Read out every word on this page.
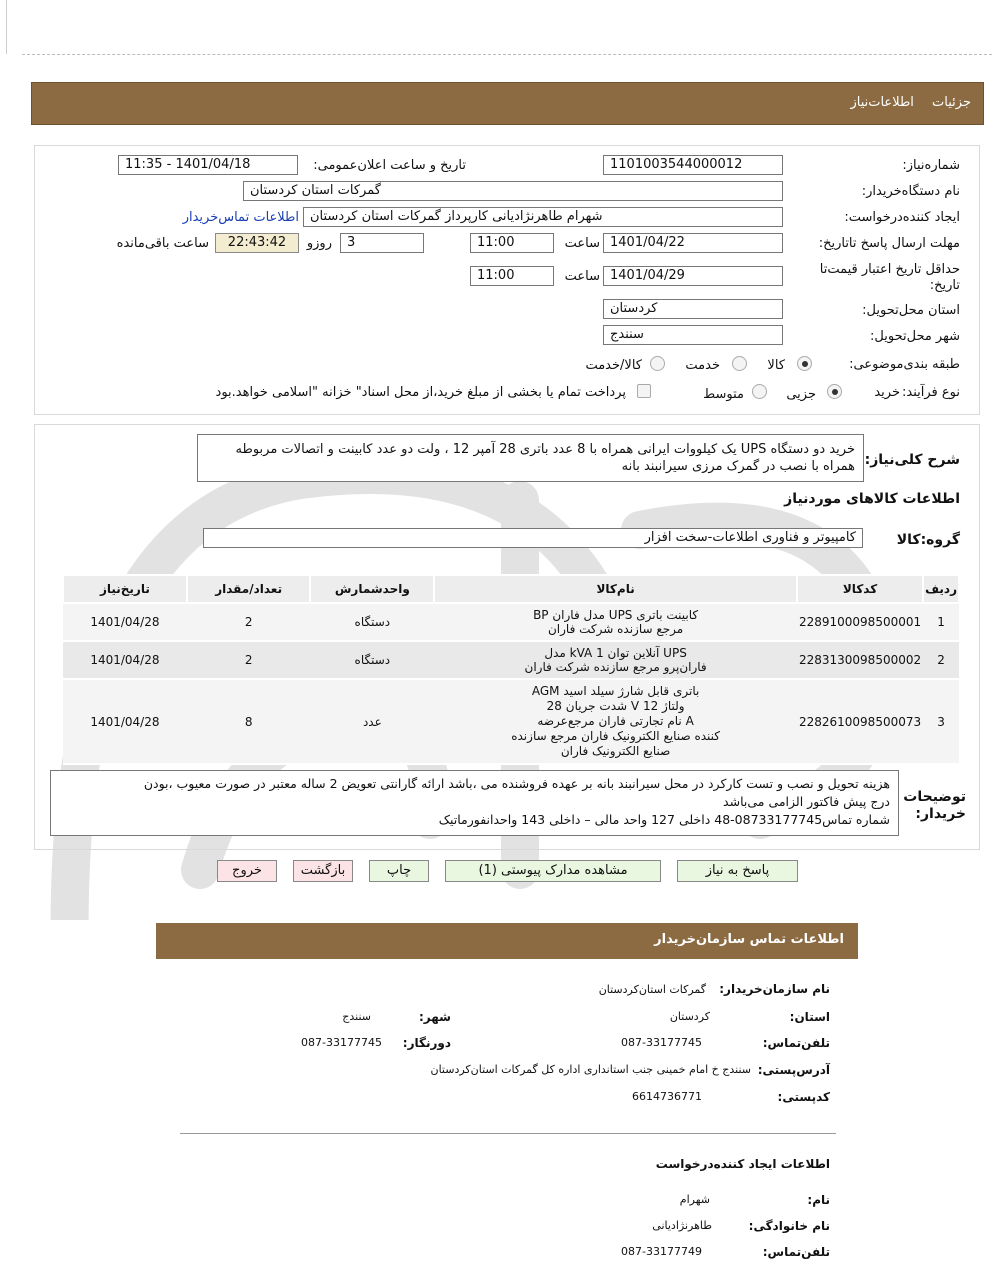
جزئیات اطلاعات‌نیاز
شماره‌نیاز:
1101003544000012
تاریخ و ساعت اعلان‌عمومی:
1401/04/18 - 11:35
نام دستگاه‌خریدار:
گمرکات استان کردستان
ایجاد کننده‌درخواست:
شهرام طاهرنژادیانی کارپرداز گمرکات استان کردستان
اطلاعات تماس‌خریدار
مهلت ارسال پاسخ تا‌تاریخ:
1401/04/22
ساعت
11:00
3
روز‌و
22:43:42
ساعت باقی‌مانده
حداقل تاریخ اعتبار قیمت‌تا
تاریخ:
1401/04/29
ساعت
11:00
استان محل‌تحویل:
کردستان
شهر محل‌تحویل:
سنندج
طبقه بندی‌موضوعی:
کالا
خدمت
کالا/خدمت
نوع فرآیند:
خرید
جزیی
متوسط
پرداخت تمام یا بخشی از مبلغ خرید،از محل اسناد" خزانه "اسلامی خواهد.بود
شرح کلی‌نیاز:
خرید دو دستگاه UPS یک کیلووات ایرانی همراه با 8 عدد باتری 28 آمپر 12 ، ولت دو عدد کابینت و اتصالات مربوطه همراه با نصب در گمرک مرزی سیرانبند بانه
اطلاعات کالاهای موردنیاز
گروه:کالا
کامپیوتر و فناوری اطلاعات-سخت افزار
ردیف	کدکالا	نام‌کالا	واحدشمارش	تعداد/مقدار	تاریخ‌نیاز
1	2289100098500001	کابینت باتری UPS مدل فاران BP
مرجع سازنده شرکت فاران	دستگاه	2	1401/04/28
2	2283130098500002	UPS آنلاین توان 1 kVA مدل
فاران‌پرو مرجع سازنده شرکت فاران	دستگاه	2	1401/04/28
3	2282610098500073	باتری قابل شارژ سیلد اسید AGM
ولتاژ 12 V شدت جریان 28
A نام تجارتی فاران مرجع‌عرضه
کننده صنایع الکترونیک فاران مرجع سازنده
صنایع الکترونیک فاران	عدد	8	1401/04/28
توضیحات
خریدار:
هزینه تحویل و نصب و تست کارکرد در محل سیرانبند بانه بر عهده فروشنده می ،باشد ارائه گارانتی تعویض 2 ساله معتبر در صورت معیوب ،بودن
درج پیش فاکتور الزامی می‌باشد
شماره تماس08733177745-48 داخلی 127 واحد مالی – داخلی 143 واحدانفورماتیک
پاسخ به نیاز
مشاهده مدارک پیوستی (1)
چاپ
بازگشت
خروج
اطلاعات تماس سازمان‌خریدار
نام سازمان‌خریدار:
گمرکات استان‌کردستان
استان:
کردستان
شهر:
سنندج
تلفن‌تماس:
087-33177745
دورنگار:
087-33177745
آدرس‌پستی:
سنندج خ امام خمینی جنب استانداری اداره کل گمرکات استان‌کردستان
کد‌پستی:
6614736771
اطلاعات ایجاد کننده‌درخواست
نام:
شهرام
نام خانوادگی:
طاهرنژادیانی
تلفن‌تماس:
087-33177749
